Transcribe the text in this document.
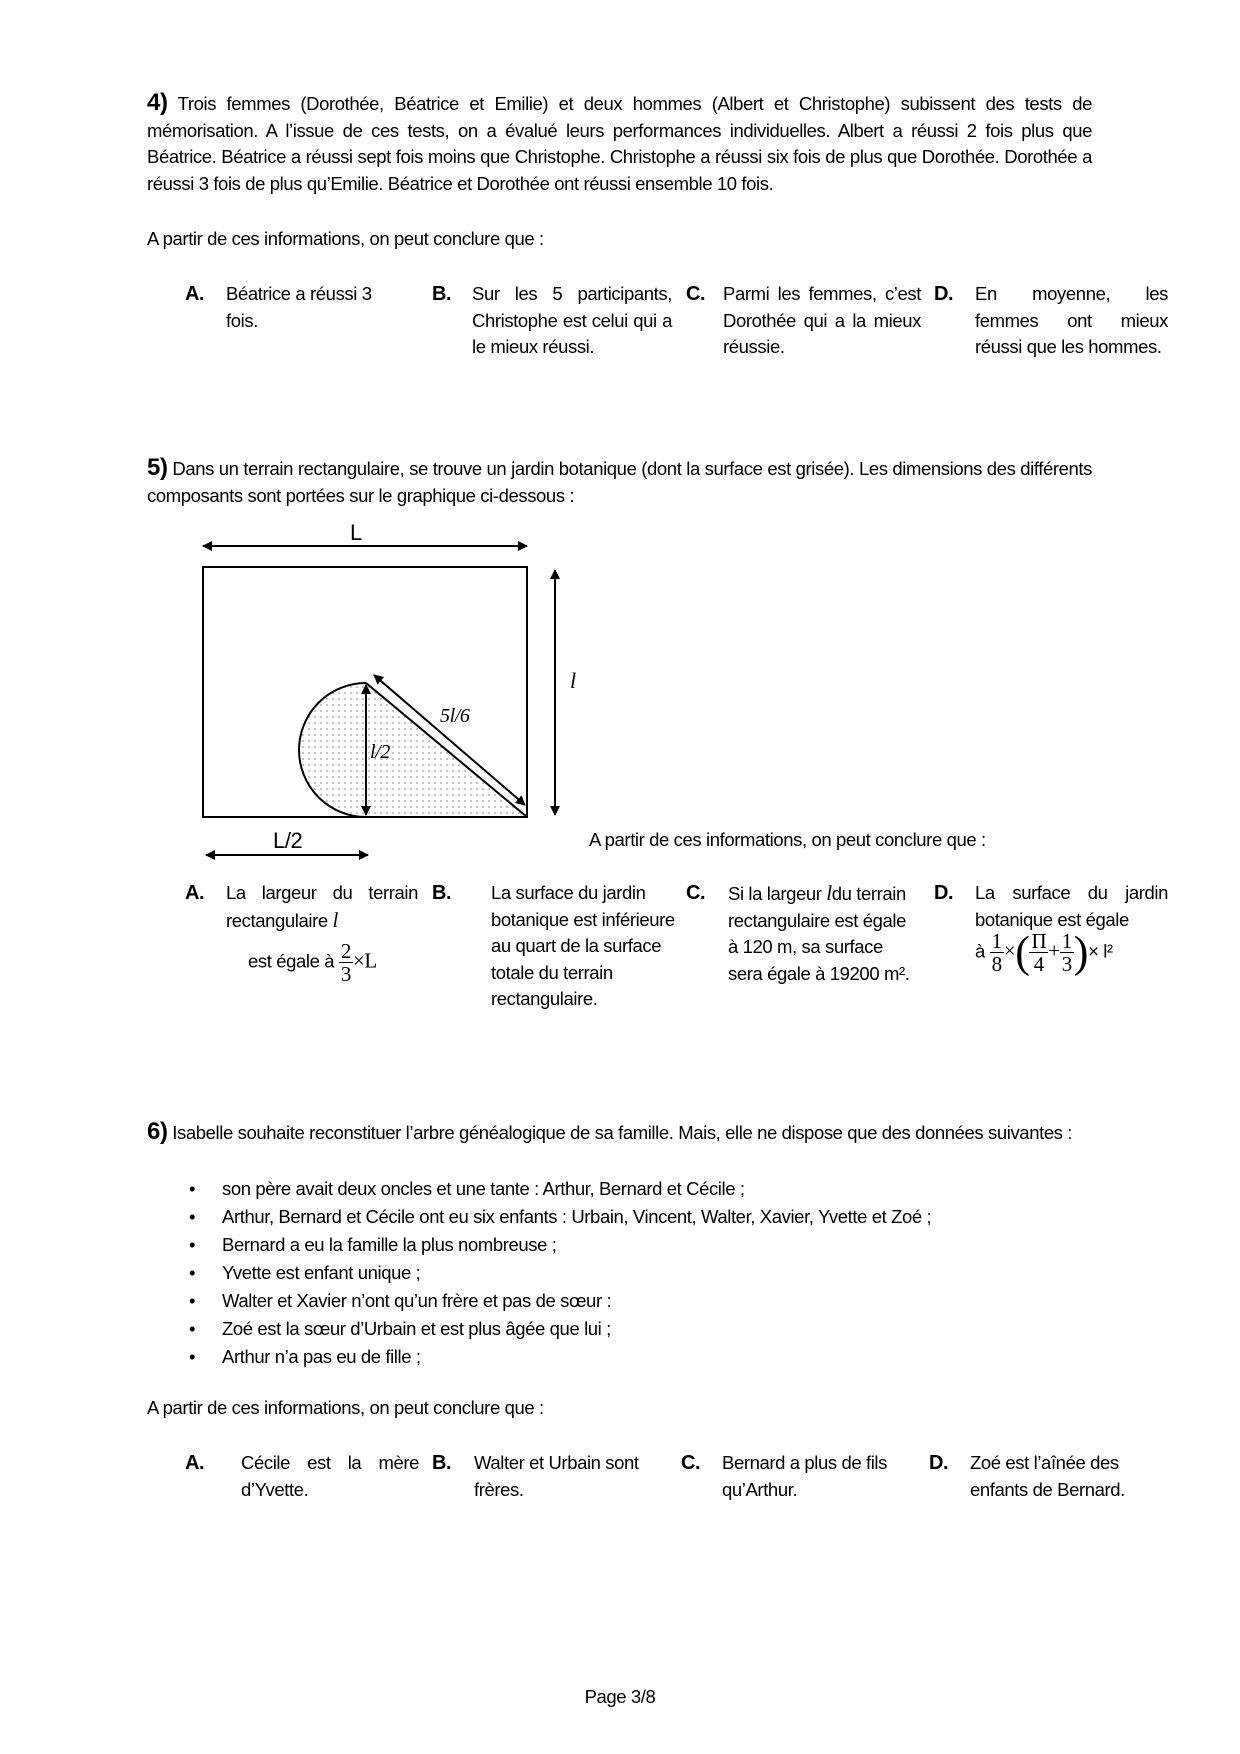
4) Trois femmes (Dorothée, Béatrice et Emilie) et deux hommes (Albert et Christophe) subissent des tests de mémorisation. A l’issue de ces tests, on a évalué leurs performances individuelles. Albert a réussi 2 fois plus que Béatrice. Béatrice a réussi sept fois moins que Christophe. Christophe a réussi six fois de plus que Dorothée. Dorothée a réussi 3 fois de plus qu’Emilie. Béatrice et Dorothée ont réussi ensemble 10 fois.
A partir de ces informations, on peut conclure que :
A. Béatrice a réussi 3 fois.
B. Sur les 5 participants, Christophe est celui qui a le mieux réussi.
C. Parmi les femmes, c’est Dorothée qui a la mieux réussie.
D. En moyenne, les femmes ont mieux réussi que les hommes.
5) Dans un terrain rectangulaire, se trouve un jardin botanique (dont la surface est grisée). Les dimensions des différents composants sont portées sur le graphique ci-dessous :
L
l
L/2
l/2
5l/6
A partir de ces informations, on peut conclure que :
A. La largeur du terrain rectangulaire l
est égale à $\frac{2}{3} \times L$
B. La surface du jardin botanique est inférieure au quart de la surface totale du terrain rectangulaire.
C. Si la largeur ldu terrain rectangulaire est égale à 120 m, sa surface sera égale à 19200 m².
D. La surface du jardin botanique est égale
à $\frac{1}{8}$ ×( $\frac{\Pi}{4} + \frac{1}{3}$ )× l²
6) Isabelle souhaite reconstituer l’arbre généalogique de sa famille. Mais, elle ne dispose que des données suivantes :
• son père avait deux oncles et une tante : Arthur, Bernard et Cécile ;
• Arthur, Bernard et Cécile ont eu six enfants : Urbain, Vincent, Walter, Xavier, Yvette et Zoé ;
• Bernard a eu la famille la plus nombreuse ;
• Yvette est enfant unique ;
• Walter et Xavier n’ont qu’un frère et pas de sœur :
• Zoé est la sœur d’Urbain et est plus âgée que lui ;
• Arthur n’a pas eu de fille ;
A partir de ces informations, on peut conclure que :
A. Cécile est la mère d’Yvette.
B. Walter et Urbain sont frères.
C. Bernard a plus de fils qu’Arthur.
D. Zoé est l’aînée des enfants de Bernard.
Page 3/8
